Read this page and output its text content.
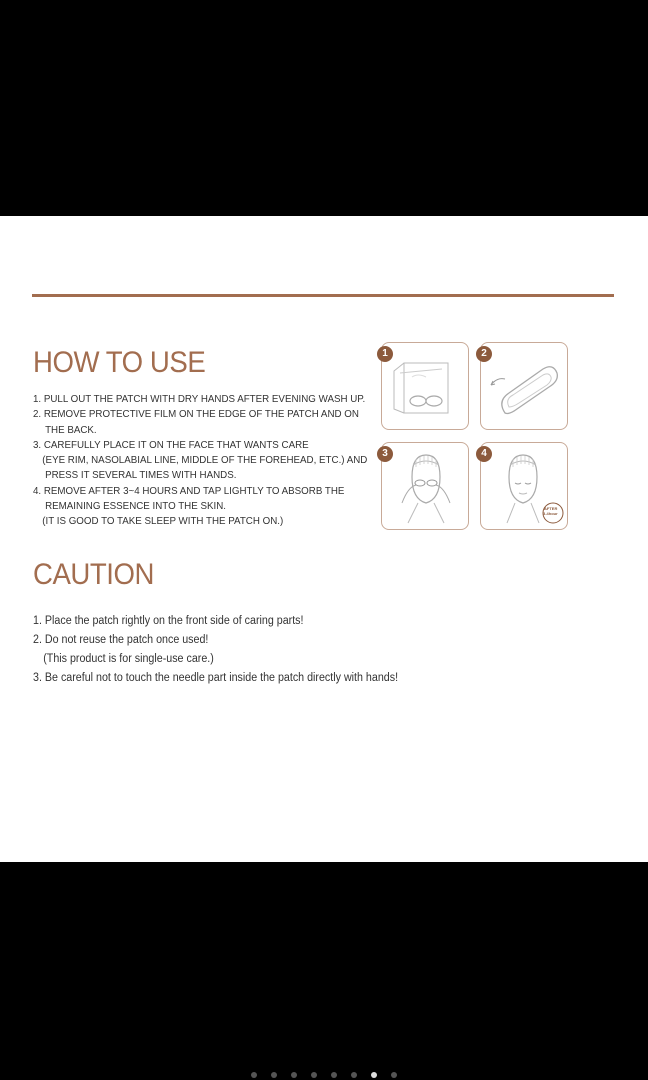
HOW TO USE
1. PULL OUT THE PATCH WITH DRY HANDS AFTER EVENING WASH UP.
2. REMOVE PROTECTIVE FILM ON THE EDGE OF THE PATCH AND ON
THE BACK.
3. CAREFULLY PLACE IT ON THE FACE THAT WANTS CARE
(EYE RIM, NASOLABIAL LINE, MIDDLE OF THE FOREHEAD, ETC.) AND
PRESS IT SEVERAL TIMES WITH HANDS.
4. REMOVE AFTER 3~4 HOURS AND TAP LIGHTLY TO ABSORB THE
REMAINING ESSENCE INTO THE SKIN.
(IT IS GOOD TO TAKE SLEEP WITH THE PATCH ON.)
1	2
3
AFTER
3-4hour
4
CAUTION
1. Place the patch rightly on the front side of caring parts!
2. Do not reuse the patch once used!
(This product is for single-use care.)
3. Be careful not to touch the needle part inside the patch directly with hands!
